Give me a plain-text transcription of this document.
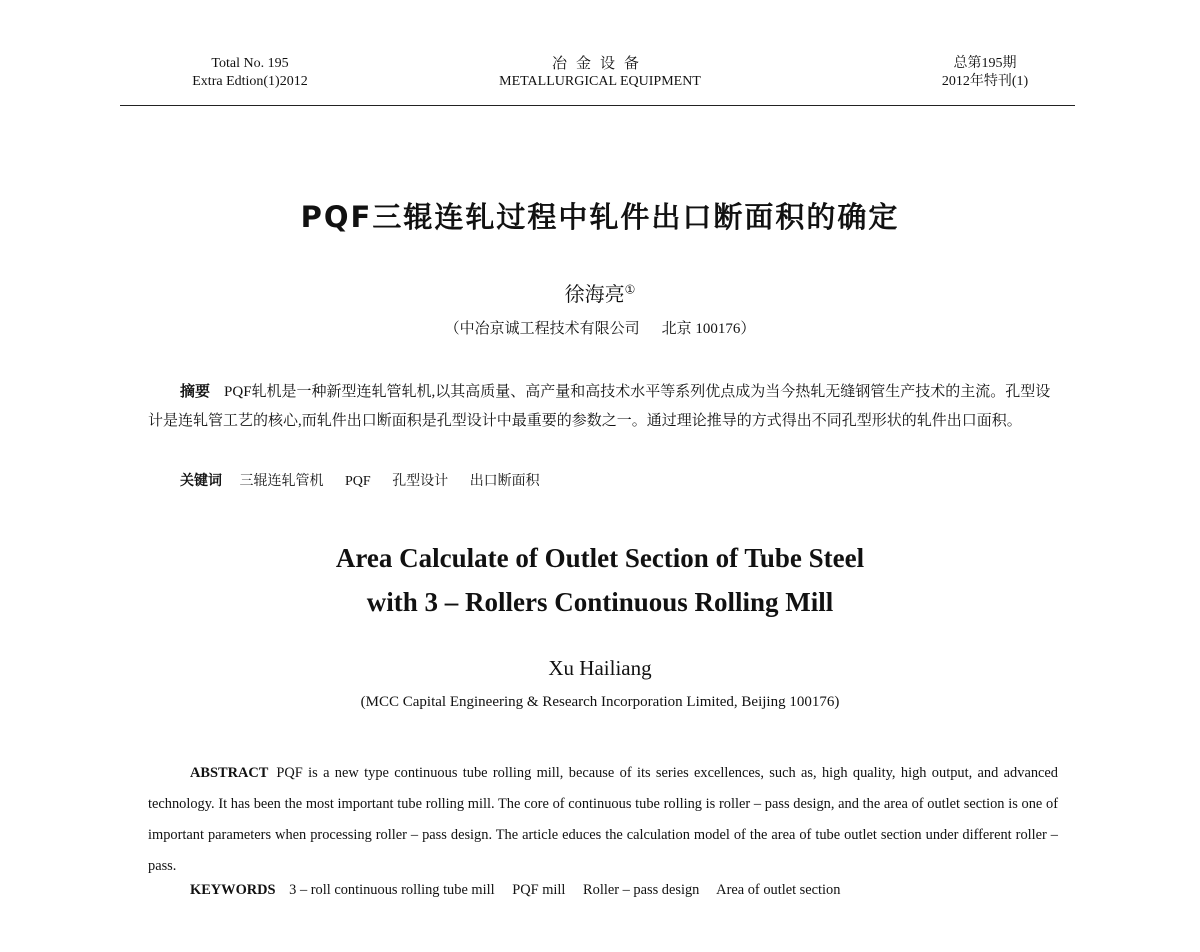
Total No. 195
Extra Edtion(1)2012
冶金设备
METALLURGICAL EQUIPMENT
总第195期
2012年特刊(1)
PQF三辊连轧过程中轧件出口断面积的确定
徐海亮①
（中冶京诚工程技术有限公司 北京 100176）

摘要 PQF轧机是一种新型连轧管轧机,以其高质量、高产量和高技术水平等系列优点成为当今热轧无缝钢管生产技术的主流。孔型设计是连轧管工艺的核心,而轧件出口断面积是孔型设计中最重要的参数之一。通过理论推导的方式得出不同孔型形状的轧件出口面积。

关键词 三辊连轧管机 PQF 孔型设计 出口断面积
Area Calculate of Outlet Section of Tube Steel
with 3 – Rollers Continuous Rolling Mill
Xu Hailiang
(MCC Capital Engineering & Research Incorporation Limited, Beijing 100176)

ABSTRACT PQF is a new type continuous tube rolling mill, because of its series excellences, such as, high quality, high output, and advanced technology. It has been the most important tube rolling mill. The core of continuous tube rolling is roller – pass design, and the area of outlet section is one of important parameters when processing roller – pass design. The article educes the calculation model of the area of tube outlet section under different roller – pass.

KEYWORDS 3 – roll continuous rolling tube mill PQF mill Roller – pass design Area of outlet section
